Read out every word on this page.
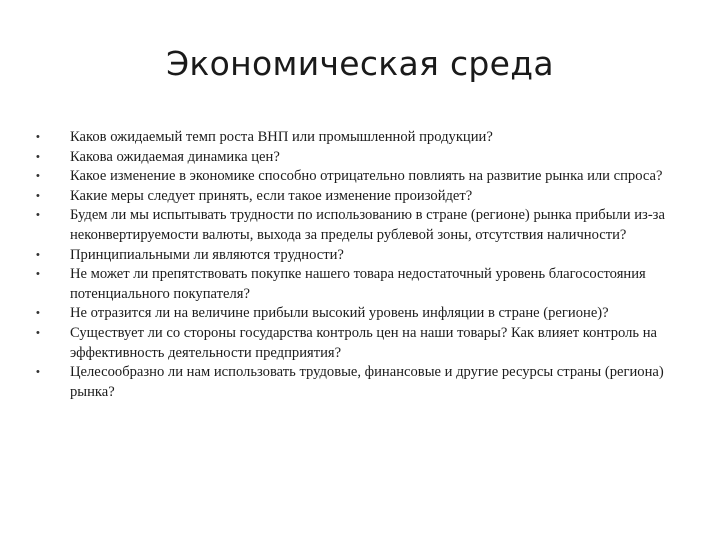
Экономическая среда
• Каков ожидаемый темп роста ВНП или промышленной продукции?
• Какова ожидаемая динамика цен?
• Какое изменение в экономике способно отрицательно повлиять на развитие рынка или спроса?
• Какие меры следует принять, если такое изменение произойдет?
• Будем ли мы испытывать трудности по использованию в стране (регионе) рынка прибыли из-за неконвертируемости валюты, выхода за пределы рублевой зоны, отсутствия наличности?
• Принципиальными ли являются трудности?
• Не может ли препятствовать покупке нашего товара недостаточный уровень благосостояния потенциального покупателя?
• Не отразится ли на величине прибыли высокий уровень инфляции в стране (регионе)?
• Существует ли со стороны государства контроль цен на наши товары? Как влияет контроль на эффективность деятельности предприятия?
• Целесообразно ли нам использовать трудовые, финансовые и другие ресурсы страны (региона) рынка?
